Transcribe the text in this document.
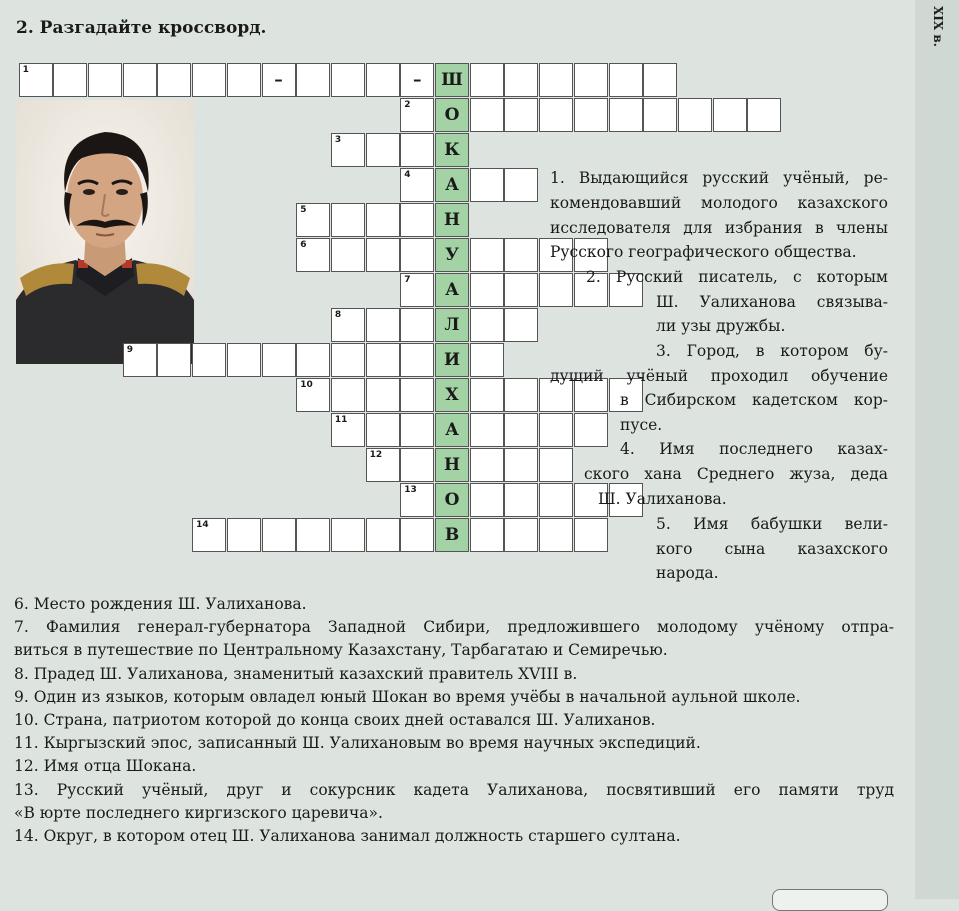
2. Разгадайте кроссворд.	XIX в.
1	–	–	Ш
2	О
3	К
4	А
5	Н
6	У
7	А
8	Л
9	И
10	Х
11	А
12	Н
13	О
14	В

1. Выдающийся русский учёный, ре-

комендовавший молодого казахского

исследователя для избрания в члены

Русского географического общества.

2. Русский писатель, с которым

Ш. Уалиханова связыва-

ли узы дружбы.

3. Город, в котором бу-

дущий учёный проходил обучение

в Сибирском кадетском кор-

пусе.

4. Имя последнего казах-

ского хана Среднего жуза, деда

Ш. Уалиханова.

5. Имя бабушки вели-

кого сына казахского

народа.

6. Место рождения Ш. Уалиханова.
7. Фамилия генерал-губернатора Западной Сибири, предложившего молодому учёному отпра-
виться в путешествие по Центральному Казахстану, Тарбагатаю и Семиречью.
8. Прадед Ш. Уалиханова, знаменитый казахский правитель XVIII в.
9. Один из языков, которым овладел юный Шокан во время учёбы в начальной аульной школе.
10. Страна, патриотом которой до конца своих дней оставался Ш. Уалиханов.
11. Кыргызский эпос, записанный Ш. Уалихановым во время научных экспедиций.
12. Имя отца Шокана.
13. Русский учёный, друг и сокурсник кадета Уалиханова, посвятивший его памяти труд
«В юрте последнего киргизского царевича».
14. Округ, в котором отец Ш. Уалиханова занимал должность старшего султана.
